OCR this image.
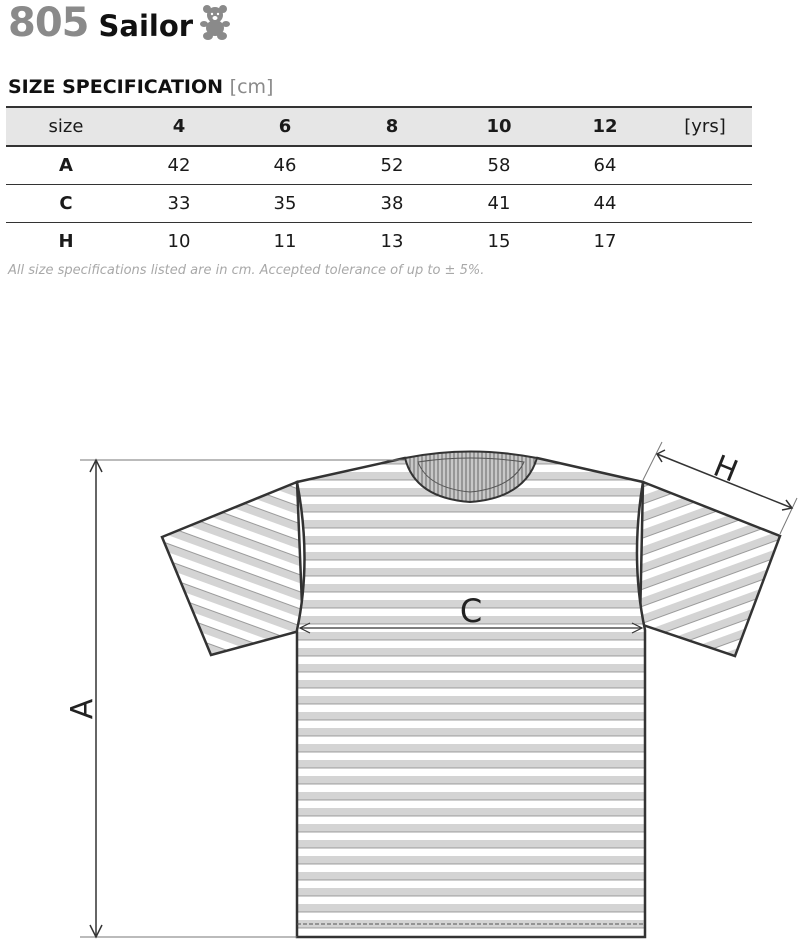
805 Sailor
SIZE SPECIFICATION [cm]
size	4	6	8	10	12	[yrs]
A	42	46	52	58	64	
C	33	35	38	41	44	
H	10	11	13	15	17	
All size specifications listed are in cm. Accepted tolerance of up to ± 5%.
A
C
H
